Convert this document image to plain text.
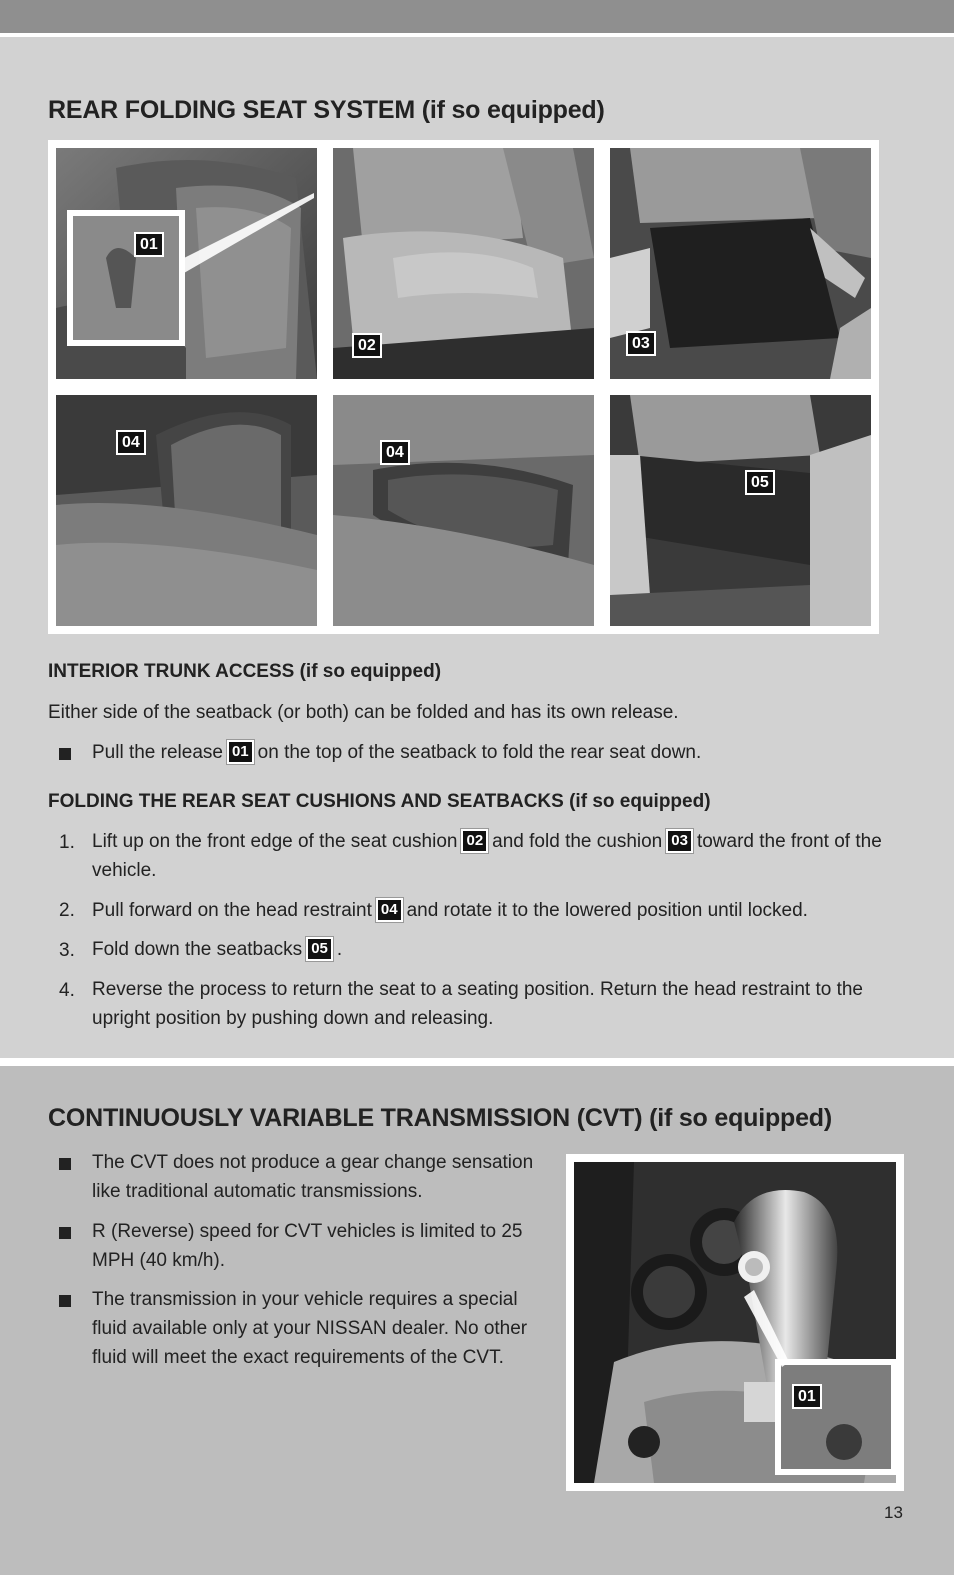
REAR FOLDING SEAT SYSTEM (if so equipped)
01
02	03
04
04
05
INTERIOR TRUNK ACCESS (if so equipped)
Either side of the seatback (or both) can be folded and has its own release.
Pull the release 01 on the top of the seatback to fold the rear seat down.
FOLDING THE REAR SEAT CUSHIONS AND SEATBACKS (if so equipped)
1. Lift up on the front edge of the seat cushion 02 and fold the cushion 03 toward the front of the vehicle.
2. Pull forward on the head restraint 04 and rotate it to the lowered position until locked.
3. Fold down the seatbacks 05 .
4. Reverse the process to return the seat to a seating position. Return the head restraint to the upright position by pushing down and releasing.
CONTINUOUSLY VARIABLE TRANSMISSION (CVT) (if so equipped)
The CVT does not produce a gear change sensation like traditional automatic transmissions.
R (Reverse) speed for CVT vehicles is limited to 25 MPH (40 km/h).
The transmission in your vehicle requires a special fluid available only at your NISSAN dealer. No other fluid will meet the exact requirements of the CVT.
01
13
